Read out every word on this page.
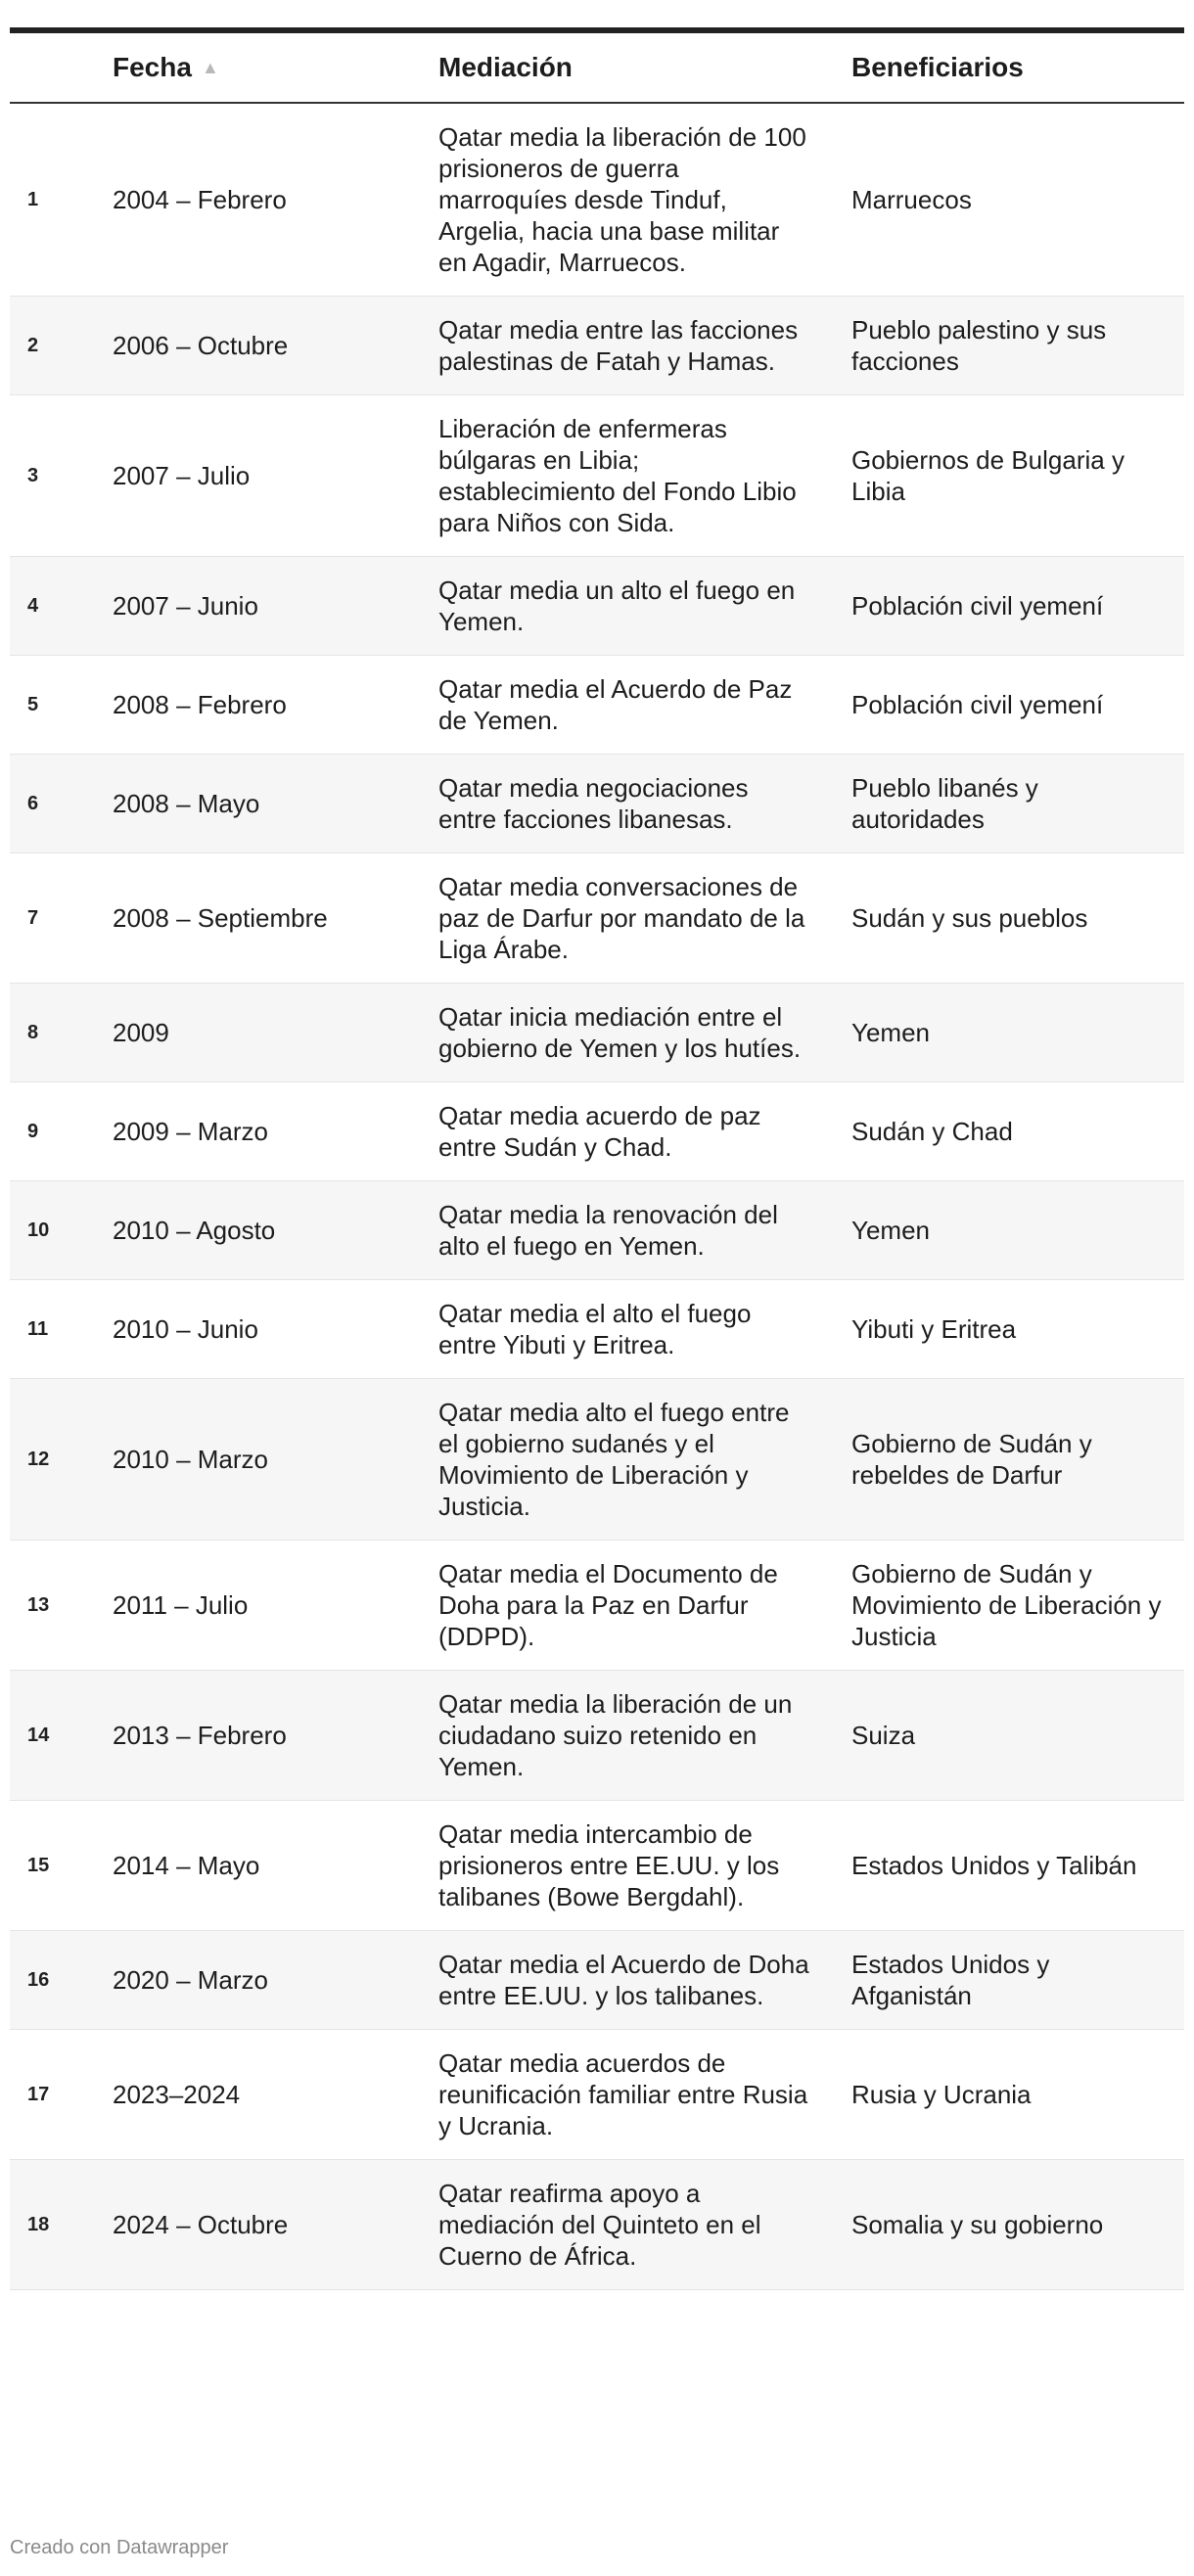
	Fecha ▲	Mediación	Beneficiarios
1	2004 – Febrero	Qatar media la liberación de 100 prisioneros de guerra marroquíes desde Tinduf, Argelia, hacia una base militar en Agadir, Marruecos.	Marruecos
2	2006 – Octubre	Qatar media entre las facciones palestinas de Fatah y Hamas.	Pueblo palestino y sus facciones
3	2007 – Julio	Liberación de enfermeras búlgaras en Libia; establecimiento del Fondo Libio para Niños con Sida.	Gobiernos de Bulgaria y Libia
4	2007 – Junio	Qatar media un alto el fuego en Yemen.	Población civil yemení
5	2008 – Febrero	Qatar media el Acuerdo de Paz de Yemen.	Población civil yemení
6	2008 – Mayo	Qatar media negociaciones entre facciones libanesas.	Pueblo libanés y autoridades
7	2008 – Septiembre	Qatar media conversaciones de paz de Darfur por mandato de la Liga Árabe.	Sudán y sus pueblos
8	2009	Qatar inicia mediación entre el gobierno de Yemen y los hutíes.	Yemen
9	2009 – Marzo	Qatar media acuerdo de paz entre Sudán y Chad.	Sudán y Chad
10	2010 – Agosto	Qatar media la renovación del alto el fuego en Yemen.	Yemen
11	2010 – Junio	Qatar media el alto el fuego entre Yibuti y Eritrea.	Yibuti y Eritrea
12	2010 – Marzo	Qatar media alto el fuego entre el gobierno sudanés y el Movimiento de Liberación y Justicia.	Gobierno de Sudán y rebeldes de Darfur
13	2011 – Julio	Qatar media el Documento de Doha para la Paz en Darfur (DDPD).	Gobierno de Sudán y Movimiento de Liberación y Justicia
14	2013 – Febrero	Qatar media la liberación de un ciudadano suizo retenido en Yemen.	Suiza
15	2014 – Mayo	Qatar media intercambio de prisioneros entre EE.UU. y los talibanes (Bowe Bergdahl).	Estados Unidos y Talibán
16	2020 – Marzo	Qatar media el Acuerdo de Doha entre EE.UU. y los talibanes.	Estados Unidos y Afganistán
17	2023–2024	Qatar media acuerdos de reunificación familiar entre Rusia y Ucrania.	Rusia y Ucrania
18	2024 – Octubre	Qatar reafirma apoyo a mediación del Quinteto en el Cuerno de África.	Somalia y su gobierno
Creado con Datawrapper
